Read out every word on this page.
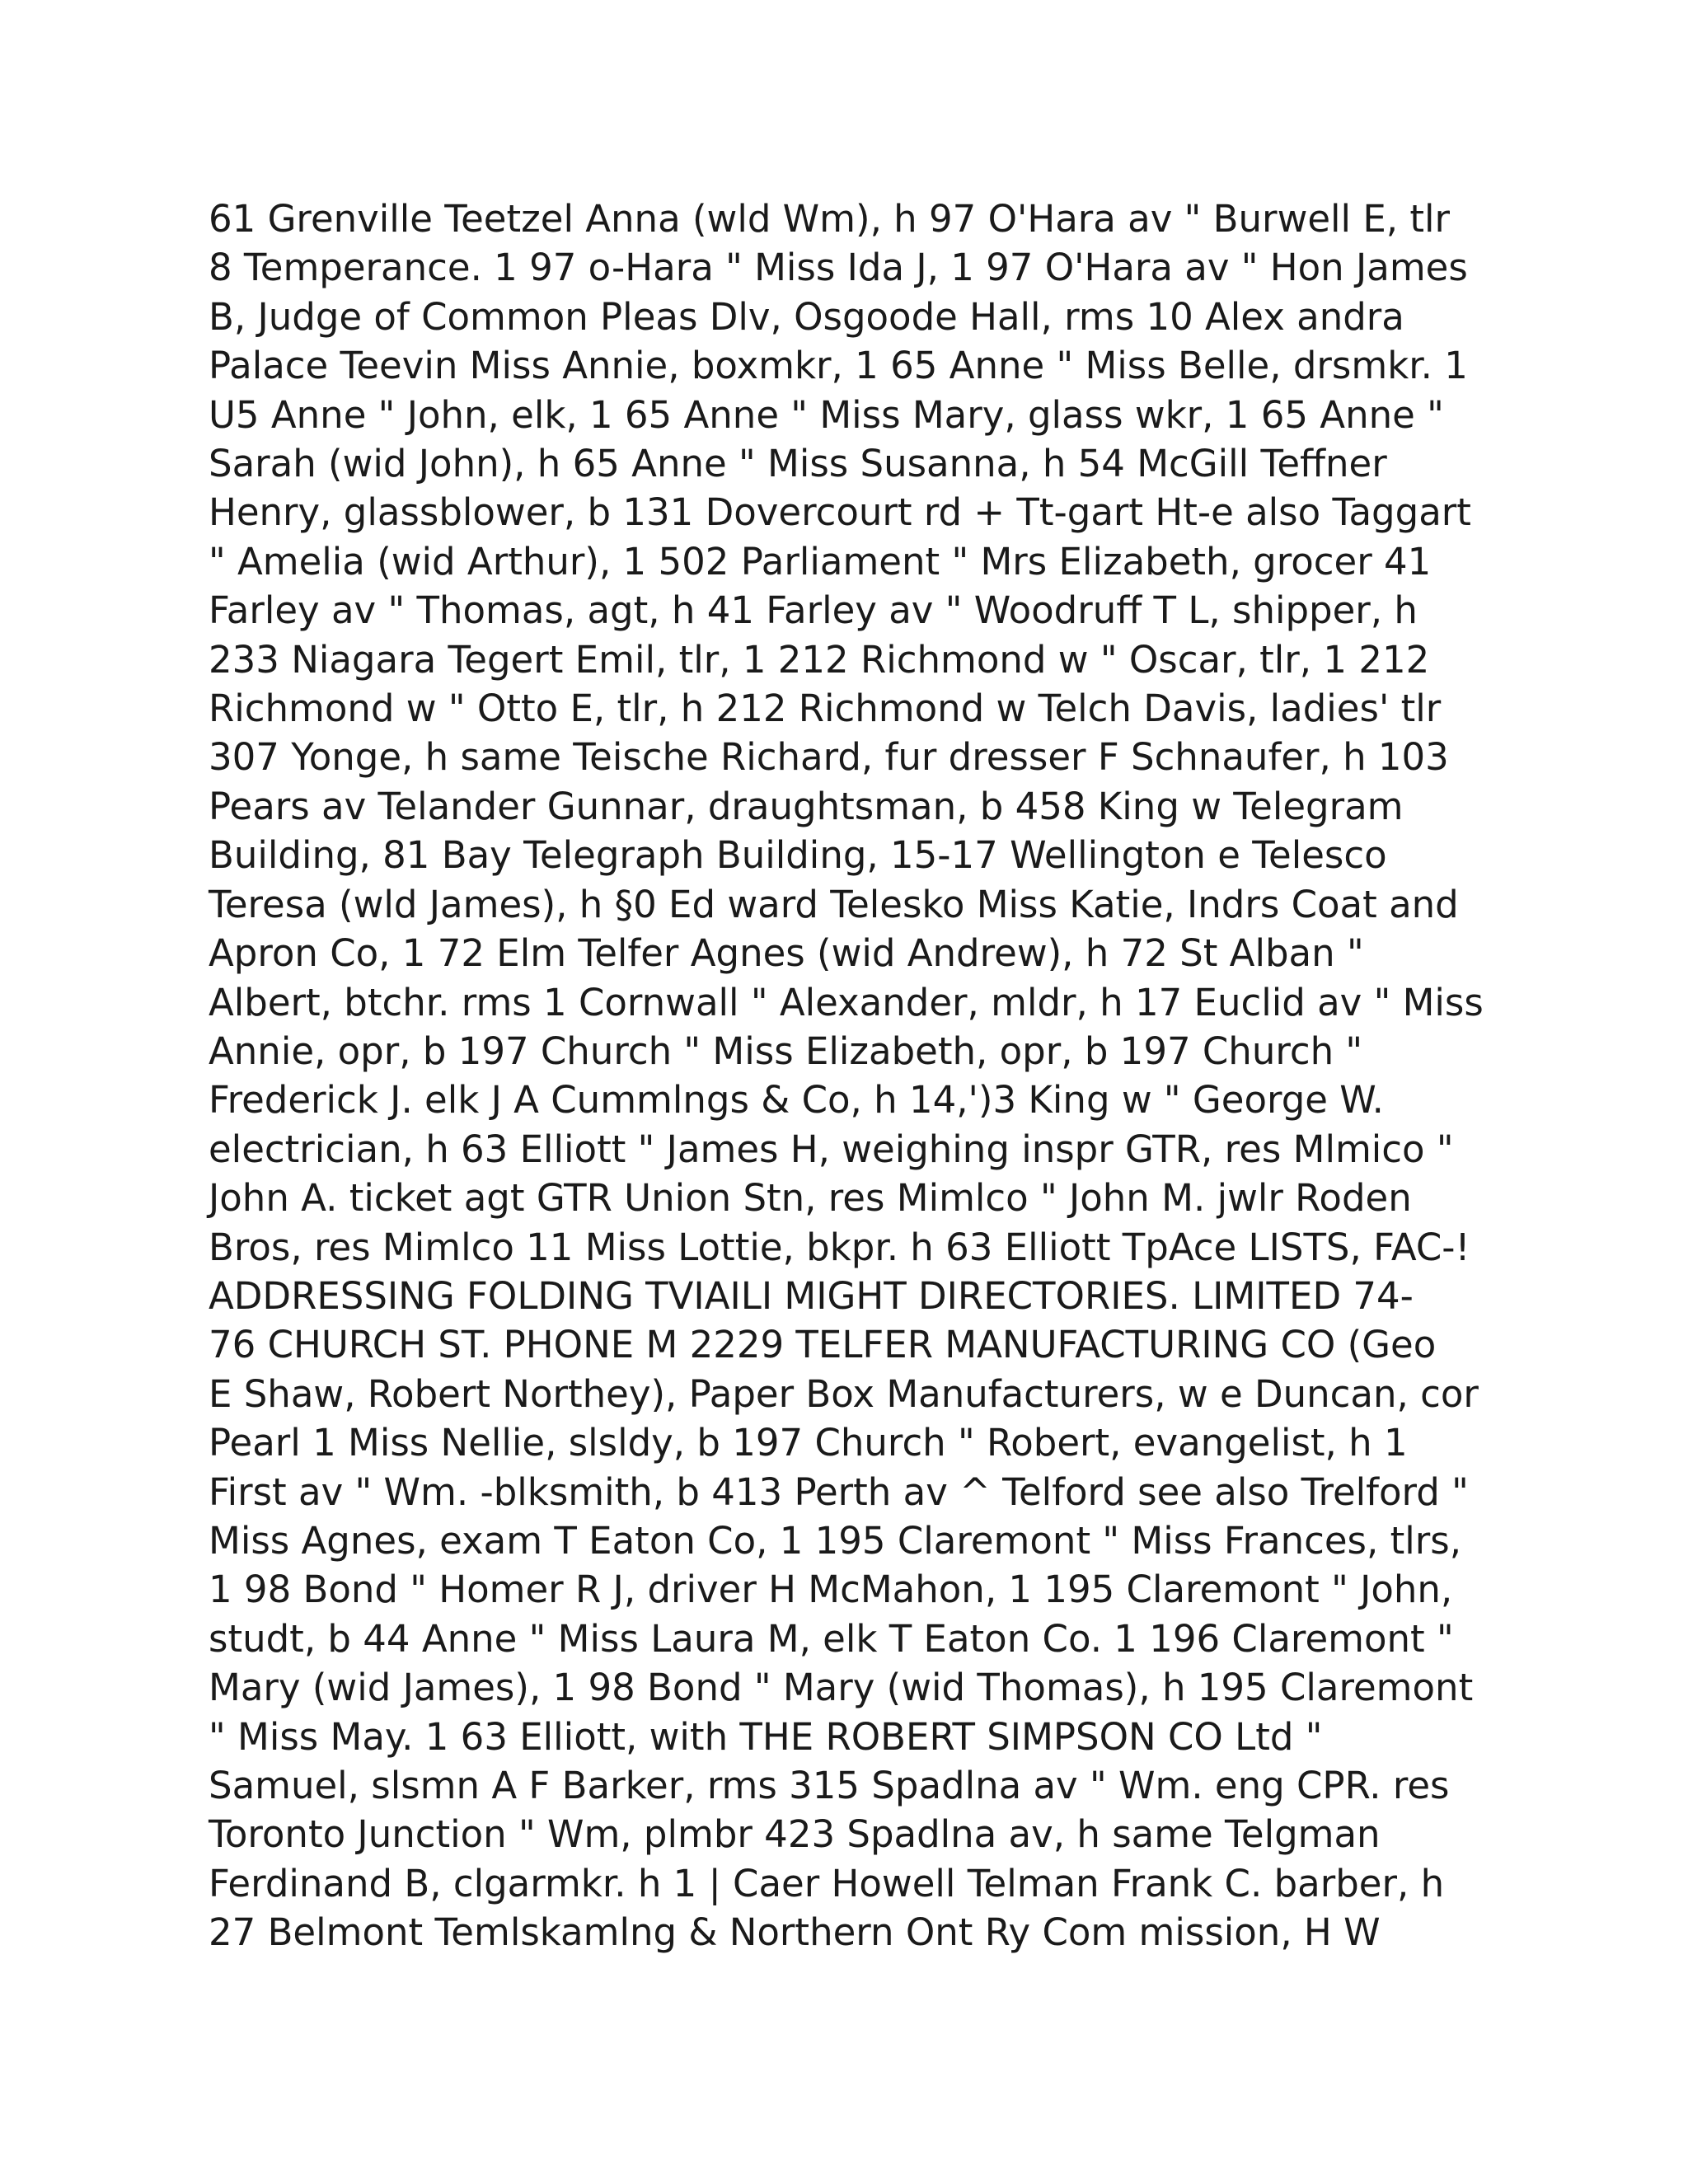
61 Grenville Teetzel Anna (wld Wm), h 97 O'Hara av " Burwell E, tlr
8 Temperance. 1 97 o-Hara " Miss Ida J, 1 97 O'Hara av " Hon James
B, Judge of Common Pleas Dlv, Osgoode Hall, rms 10 Alex andra
Palace Teevin Miss Annie, boxmkr, 1 65 Anne " Miss Belle, drsmkr. 1
U5 Anne " John, elk, 1 65 Anne " Miss Mary, glass wkr, 1 65 Anne "
Sarah (wid John), h 65 Anne " Miss Susanna, h 54 McGill Teffner
Henry, glassblower, b 131 Dovercourt rd + Tt-gart Ht-e also Taggart
" Amelia (wid Arthur), 1 502 Parliament " Mrs Elizabeth, grocer 41
Farley av " Thomas, agt, h 41 Farley av " Woodruff T L, shipper, h
233 Niagara Tegert Emil, tlr, 1 212 Richmond w " Oscar, tlr, 1 212
Richmond w " Otto E, tlr, h 212 Richmond w Telch Davis, ladies' tlr
307 Yonge, h same Teische Richard, fur dresser F Schnaufer, h 103
Pears av Telander Gunnar, draughtsman, b 458 King w Telegram
Building, 81 Bay Telegraph Building, 15-17 Wellington e Telesco
Teresa (wld James), h §0 Ed ward Telesko Miss Katie, Indrs Coat and
Apron Co, 1 72 Elm Telfer Agnes (wid Andrew), h 72 St Alban "
Albert, btchr. rms 1 Cornwall " Alexander, mldr, h 17 Euclid av " Miss
Annie, opr, b 197 Church " Miss Elizabeth, opr, b 197 Church "
Frederick J. elk J A Cummlngs & Co, h 14,')3 King w " George W.
electrician, h 63 Elliott " James H, weighing inspr GTR, res Mlmico "
John A. ticket agt GTR Union Stn, res Mimlco " John M. jwlr Roden
Bros, res Mimlco 11 Miss Lottie, bkpr. h 63 Elliott TpAce LISTS, FAC-!
ADDRESSING FOLDING TVIAILI MIGHT DIRECTORIES. LIMITED 74-
76 CHURCH ST. PHONE M 2229 TELFER MANUFACTURING CO (Geo
E Shaw, Robert Northey), Paper Box Manufacturers, w e Duncan, cor
Pearl 1 Miss Nellie, slsldy, b 197 Church " Robert, evangelist, h 1
First av " Wm. -blksmith, b 413 Perth av ^ Telford see also Trelford "
Miss Agnes, exam T Eaton Co, 1 195 Claremont " Miss Frances, tlrs,
1 98 Bond " Homer R J, driver H McMahon, 1 195 Claremont " John,
studt, b 44 Anne " Miss Laura M, elk T Eaton Co. 1 196 Claremont "
Mary (wid James), 1 98 Bond " Mary (wid Thomas), h 195 Claremont
" Miss May. 1 63 Elliott, with THE ROBERT SIMPSON CO Ltd "
Samuel, slsmn A F Barker, rms 315 Spadlna av " Wm. eng CPR. res
Toronto Junction " Wm, plmbr 423 Spadlna av, h same Telgman
Ferdinand B, clgarmkr. h 1 | Caer Howell Telman Frank C. barber, h
27 Belmont Temlskamlng & Northern Ont Ry Com mission, H W
